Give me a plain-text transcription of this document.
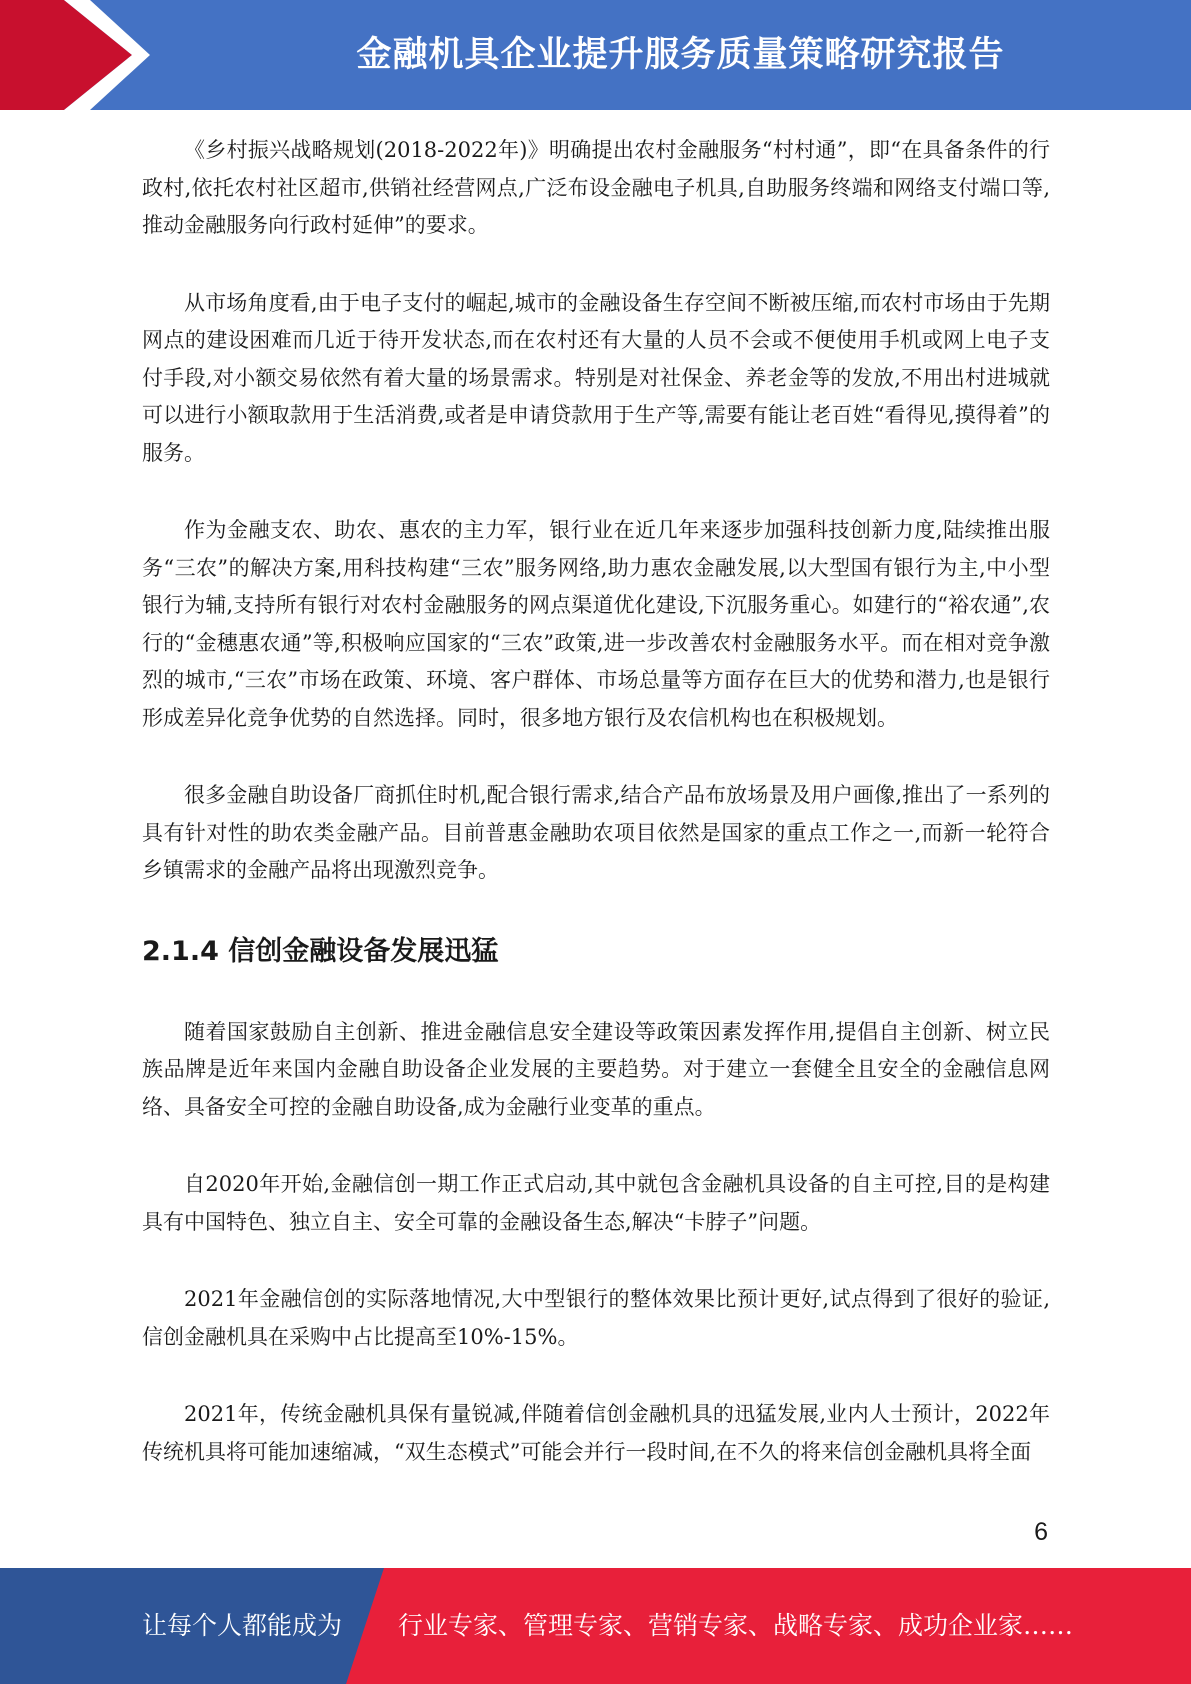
金融机具企业提升服务质量策略研究报告

《乡村振兴战略规划(2018-2022年)》明确提出农村金融服务“村村通”，即“在具备条件的行政村,依托农村社区超市,供销社经营网点,广泛布设金融电子机具,自助服务终端和网络支付端口等,推动金融服务向行政村延伸”的要求。

从市场角度看,由于电子支付的崛起,城市的金融设备生存空间不断被压缩,而农村市场由于先期网点的建设困难而几近于待开发状态,而在农村还有大量的人员不会或不便使用手机或网上电子支付手段,对小额交易依然有着大量的场景需求。特别是对社保金、养老金等的发放,不用出村进城就可以进行小额取款用于生活消费,或者是申请贷款用于生产等,需要有能让老百姓“看得见,摸得着”的服务。

作为金融支农、助农、惠农的主力军，银行业在近几年来逐步加强科技创新力度,陆续推出服务“三农”的解决方案,用科技构建“三农”服务网络,助力惠农金融发展,以大型国有银行为主,中小型银行为辅,支持所有银行对农村金融服务的网点渠道优化建设,下沉服务重心。如建行的“裕农通”,农行的“金穗惠农通”等,积极响应国家的“三农”政策,进一步改善农村金融服务水平。而在相对竞争激烈的城市,“三农”市场在政策、环境、客户群体、市场总量等方面存在巨大的优势和潜力,也是银行形成差异化竞争优势的自然选择。同时，很多地方银行及农信机构也在积极规划。

很多金融自助设备厂商抓住时机,配合银行需求,结合产品布放场景及用户画像,推出了一系列的具有针对性的助农类金融产品。目前普惠金融助农项目依然是国家的重点工作之一,而新一轮符合乡镇需求的金融产品将出现激烈竞争。

2.1.4 信创金融设备发展迅猛

随着国家鼓励自主创新、推进金融信息安全建设等政策因素发挥作用,提倡自主创新、树立民族品牌是近年来国内金融自助设备企业发展的主要趋势。对于建立一套健全且安全的金融信息网络、具备安全可控的金融自助设备,成为金融行业变革的重点。

自2020年开始,金融信创一期工作正式启动,其中就包含金融机具设备的自主可控,目的是构建具有中国特色、独立自主、安全可靠的金融设备生态,解决“卡脖子”问题。

2021年金融信创的实际落地情况,大中型银行的整体效果比预计更好,试点得到了很好的验证,信创金融机具在采购中占比提高至10%-15%。

2021年，传统金融机具保有量锐减,伴随着信创金融机具的迅猛发展,业内人士预计，2022年传统机具将可能加速缩减，“双生态模式”可能会并行一段时间,在不久的将来信创金融机具将全面

6
让每个人都能成为 行业专家、管理专家、营销专家、战略专家、成功企业家……
